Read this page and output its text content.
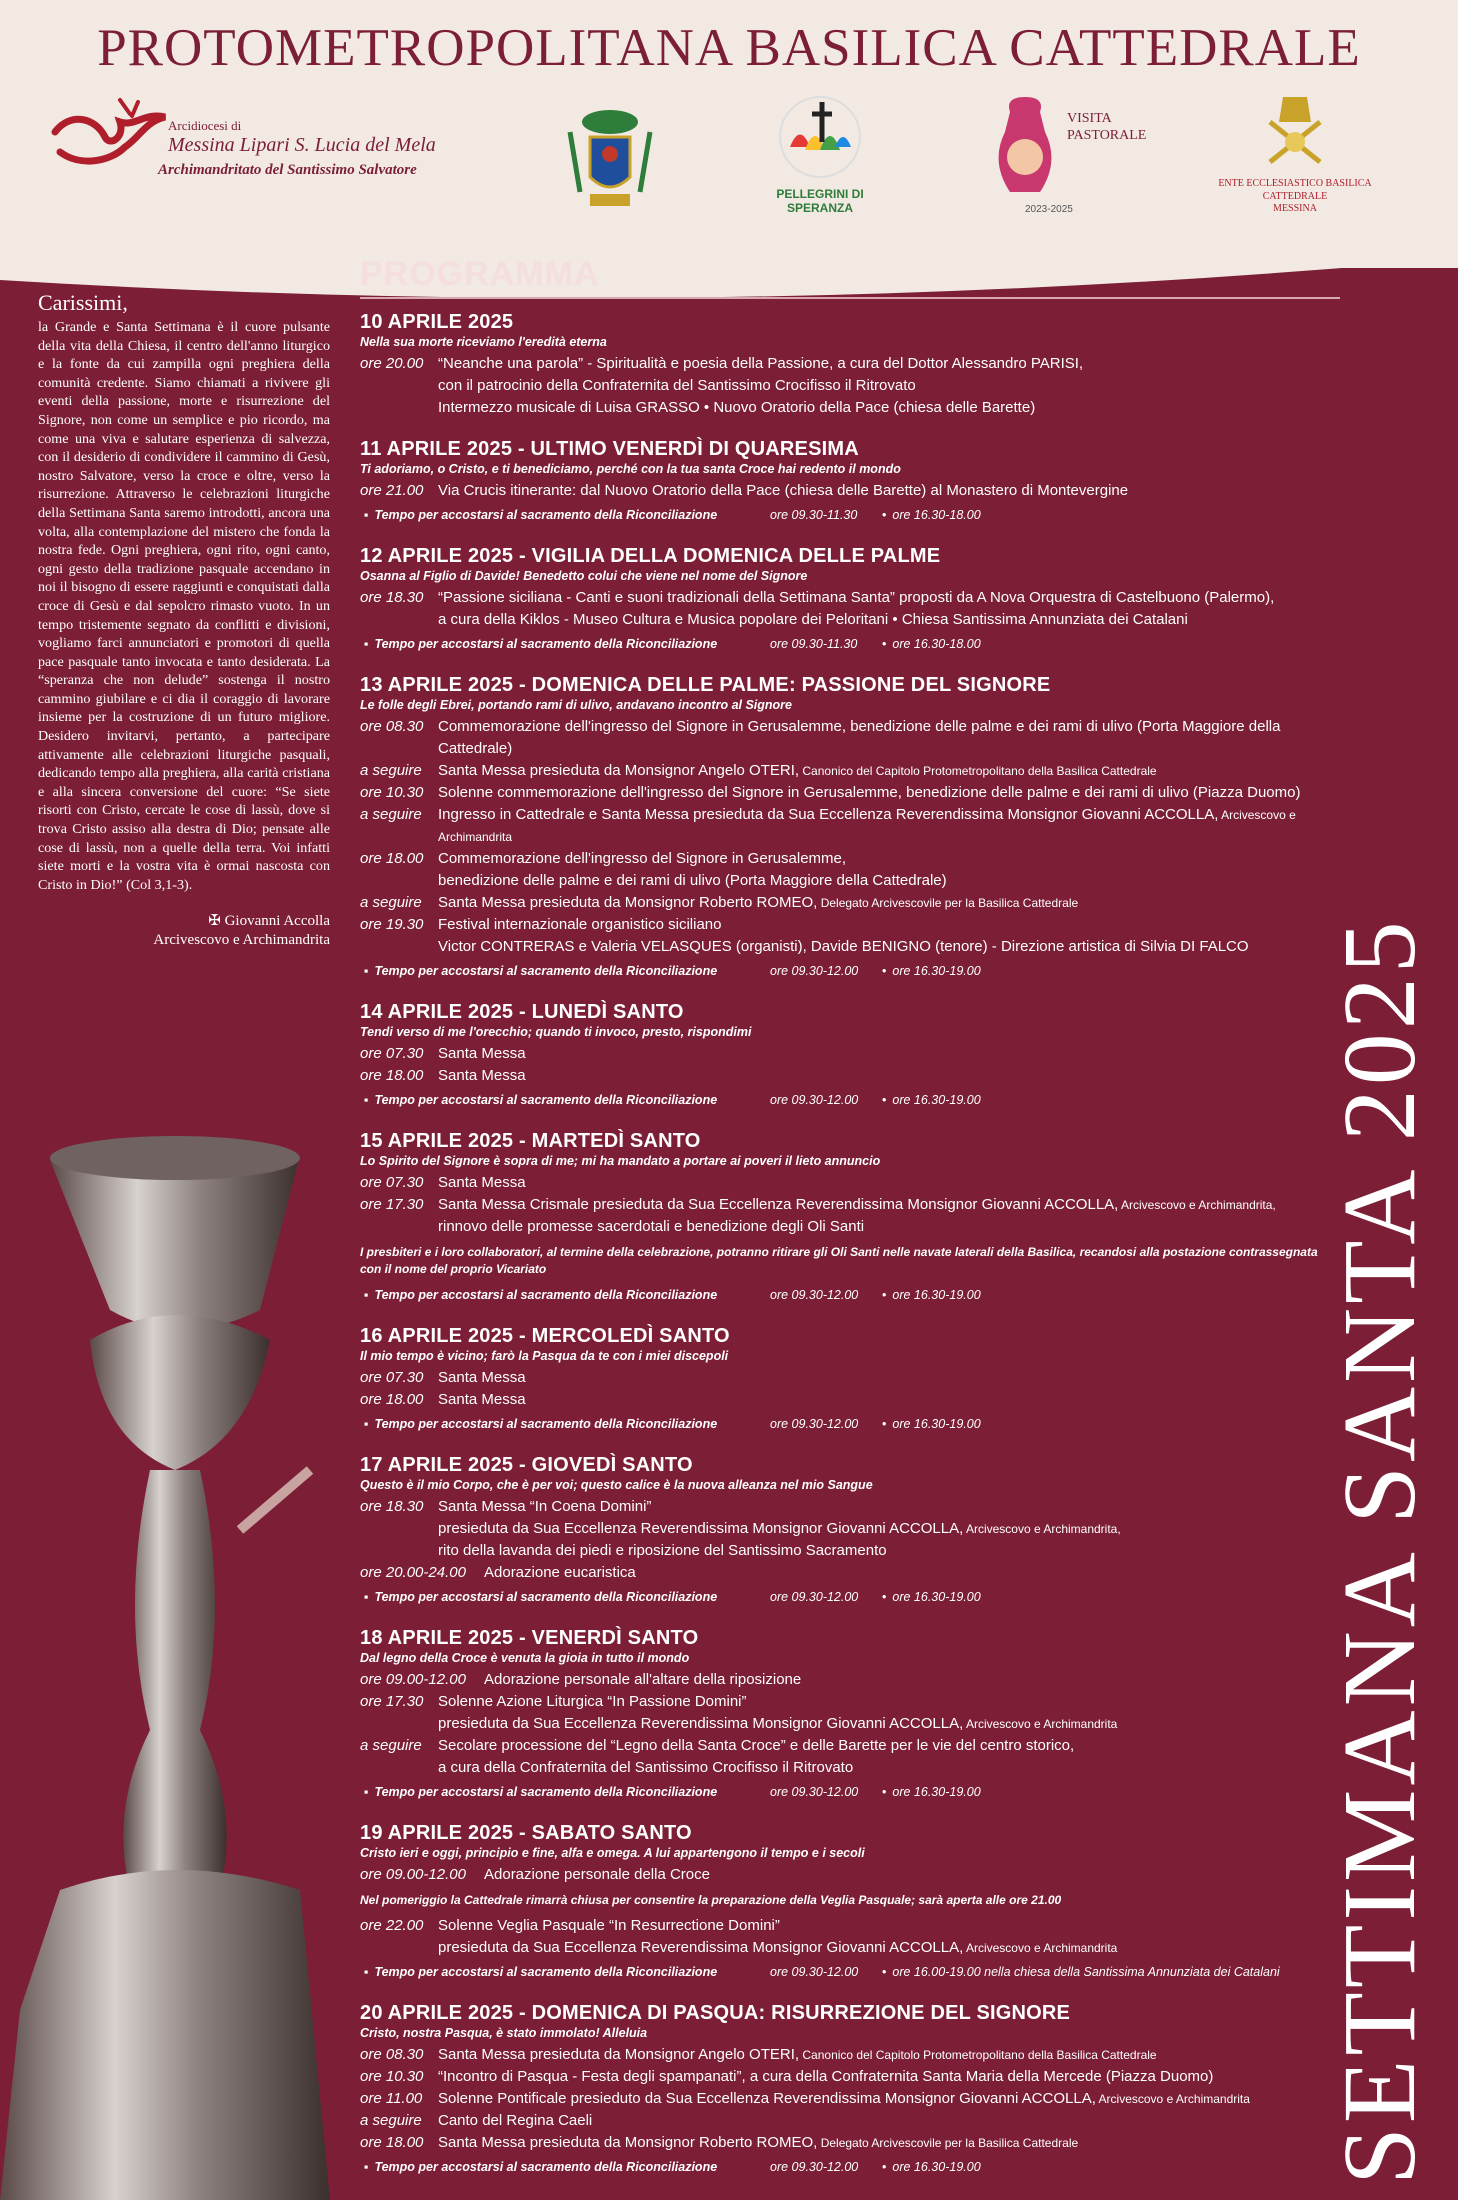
PROTOMETROPOLITANA BASILICA CATTEDRALE
Arcidiocesi di
Messina Lipari S. Lucia del Mela
Archimandritato del Santissimo Salvatore
PELLEGRINI DI SPERANZA
VISITA PASTORALE
2023-2025
ENTE ECCLESIASTICO BASILICA CATTEDRALE
MESSINA
Carissimi,
la Grande e Santa Settimana è il cuore pulsante della vita della Chiesa, il centro dell'anno liturgico e la fonte da cui zampilla ogni preghiera della comunità credente. Siamo chiamati a rivivere gli eventi della passione, morte e risurrezione del Signore, non come un semplice e pio ricordo, ma come una viva e salutare esperienza di salvezza, con il desiderio di condividere il cammino di Gesù, nostro Salvatore, verso la croce e oltre, verso la risurrezione. Attraverso le celebrazioni liturgiche della Settimana Santa saremo introdotti, ancora una volta, alla contemplazione del mistero che fonda la nostra fede. Ogni preghiera, ogni rito, ogni canto, ogni gesto della tradizione pasquale accendano in noi il bisogno di essere raggiunti e conquistati dalla croce di Gesù e dal sepolcro rimasto vuoto. In un tempo tristemente segnato da conflitti e divisioni, vogliamo farci annunciatori e promotori di quella pace pasquale tanto invocata e tanto desiderata. La “speranza che non delude” sostenga il nostro cammino giubilare e ci dia il coraggio di lavorare insieme per la costruzione di un futuro migliore. Desidero invitarvi, pertanto, a partecipare attivamente alle celebrazioni liturgiche pasquali, dedicando tempo alla preghiera, alla carità cristiana e alla sincera conversione del cuore: “Se siete risorti con Cristo, cercate le cose di lassù, dove si trova Cristo assiso alla destra di Dio; pensate alle cose di lassù, non a quelle della terra. Voi infatti siete morti e la vostra vita è ormai nascosta con Cristo in Dio!” (Col 3,1-3).
✠ Giovanni Accolla
Arcivescovo e Archimandrita
PROGRAMMA
10 APRILE 2025
Nella sua morte riceviamo l'eredità eterna
ore 20.00 “Neanche una parola” - Spiritualità e poesia della Passione, a cura del Dottor Alessandro PARISI,
con il patrocinio della Confraternita del Santissimo Crocifisso il Ritrovato
Intermezzo musicale di Luisa GRASSO • Nuovo Oratorio della Pace (chiesa delle Barette)
11 APRILE 2025 - ULTIMO VENERDÌ DI QUARESIMA
Ti adoriamo, o Cristo, e ti benediciamo, perché con la tua santa Croce hai redento il mondo
ore 21.00 Via Crucis itinerante: dal Nuovo Oratorio della Pace (chiesa delle Barette) al Monastero di Montevergine
▪ Tempo per accostarsi al sacramento della Riconciliazione	ore 09.30-11.30	• ore 16.30-18.00
12 APRILE 2025 - VIGILIA DELLA DOMENICA DELLE PALME
Osanna al Figlio di Davide! Benedetto colui che viene nel nome del Signore
ore 18.30 “Passione siciliana - Canti e suoni tradizionali della Settimana Santa” proposti da A Nova Orquestra di Castelbuono (Palermo),
a cura della Kiklos - Museo Cultura e Musica popolare dei Peloritani • Chiesa Santissima Annunziata dei Catalani
▪ Tempo per accostarsi al sacramento della Riconciliazione	ore 09.30-11.30	• ore 16.30-18.00
13 APRILE 2025 - DOMENICA DELLE PALME: PASSIONE DEL SIGNORE
Le folle degli Ebrei, portando rami di ulivo, andavano incontro al Signore
ore 08.30 Commemorazione dell'ingresso del Signore in Gerusalemme, benedizione delle palme e dei rami di ulivo (Porta Maggiore della Cattedrale)
a seguire	Santa Messa presieduta da Monsignor Angelo OTERI, Canonico del Capitolo Protometropolitano della Basilica Cattedrale
ore 10.30 Solenne commemorazione dell'ingresso del Signore in Gerusalemme, benedizione delle palme e dei rami di ulivo (Piazza Duomo)
a seguire	Ingresso in Cattedrale e Santa Messa presieduta da Sua Eccellenza Reverendissima Monsignor Giovanni ACCOLLA, Arcivescovo e Archimandrita
ore 18.00 Commemorazione dell'ingresso del Signore in Gerusalemme,
benedizione delle palme e dei rami di ulivo (Porta Maggiore della Cattedrale)
a seguire	Santa Messa presieduta da Monsignor Roberto ROMEO, Delegato Arcivescovile per la Basilica Cattedrale
ore 19.30 Festival internazionale organistico siciliano
Victor CONTRERAS e Valeria VELASQUES (organisti), Davide BENIGNO (tenore) - Direzione artistica di Silvia DI FALCO
▪ Tempo per accostarsi al sacramento della Riconciliazione	ore 09.30-12.00	• ore 16.30-19.00
14 APRILE 2025 - LUNEDÌ SANTO
Tendi verso di me l'orecchio; quando ti invoco, presto, rispondimi
ore 07.30 Santa Messa
ore 18.00 Santa Messa
▪ Tempo per accostarsi al sacramento della Riconciliazione	ore 09.30-12.00	• ore 16.30-19.00
15 APRILE 2025 - MARTEDÌ SANTO
Lo Spirito del Signore è sopra di me; mi ha mandato a portare ai poveri il lieto annuncio
ore 07.30 Santa Messa
ore 17.30 Santa Messa Crismale presieduta da Sua Eccellenza Reverendissima Monsignor Giovanni ACCOLLA, Arcivescovo e Archimandrita,
rinnovo delle promesse sacerdotali e benedizione degli Oli Santi
I presbiteri e i loro collaboratori, al termine della celebrazione, potranno ritirare gli Oli Santi nelle navate laterali della Basilica, recandosi alla postazione contrassegnata con il nome del proprio Vicariato
▪ Tempo per accostarsi al sacramento della Riconciliazione	ore 09.30-12.00	• ore 16.30-19.00
16 APRILE 2025 - MERCOLEDÌ SANTO
Il mio tempo è vicino; farò la Pasqua da te con i miei discepoli
ore 07.30 Santa Messa
ore 18.00 Santa Messa
▪ Tempo per accostarsi al sacramento della Riconciliazione	ore 09.30-12.00	• ore 16.30-19.00
17 APRILE 2025 - GIOVEDÌ SANTO
Questo è il mio Corpo, che è per voi; questo calice è la nuova alleanza nel mio Sangue
ore 18.30 Santa Messa “In Coena Domini”
presieduta da Sua Eccellenza Reverendissima Monsignor Giovanni ACCOLLA, Arcivescovo e Archimandrita,
rito della lavanda dei piedi e riposizione del Santissimo Sacramento
ore 20.00-24.00	Adorazione eucaristica
▪ Tempo per accostarsi al sacramento della Riconciliazione	ore 09.30-12.00	• ore 16.30-19.00
18 APRILE 2025 - VENERDÌ SANTO
Dal legno della Croce è venuta la gioia in tutto il mondo
ore 09.00-12.00	Adorazione personale all'altare della riposizione
ore 17.30 Solenne Azione Liturgica “In Passione Domini”
presieduta da Sua Eccellenza Reverendissima Monsignor Giovanni ACCOLLA, Arcivescovo e Archimandrita
a seguire	Secolare processione del “Legno della Santa Croce” e delle Barette per le vie del centro storico,
a cura della Confraternita del Santissimo Crocifisso il Ritrovato
▪ Tempo per accostarsi al sacramento della Riconciliazione	ore 09.30-12.00	• ore 16.30-19.00
19 APRILE 2025 - SABATO SANTO
Cristo ieri e oggi, principio e fine, alfa e omega. A lui appartengono il tempo e i secoli
ore 09.00-12.00	Adorazione personale della Croce
Nel pomeriggio la Cattedrale rimarrà chiusa per consentire la preparazione della Veglia Pasquale; sarà aperta alle ore 21.00
ore 22.00 Solenne Veglia Pasquale “In Resurrectione Domini”
presieduta da Sua Eccellenza Reverendissima Monsignor Giovanni ACCOLLA, Arcivescovo e Archimandrita
▪ Tempo per accostarsi al sacramento della Riconciliazione	ore 09.30-12.00	• ore 16.00-19.00 nella chiesa della Santissima Annunziata dei Catalani
20 APRILE 2025 - DOMENICA DI PASQUA: RISURREZIONE DEL SIGNORE
Cristo, nostra Pasqua, è stato immolato! Alleluia
ore 08.30 Santa Messa presieduta da Monsignor Angelo OTERI, Canonico del Capitolo Protometropolitano della Basilica Cattedrale
ore 10.30 “Incontro di Pasqua - Festa degli spampanati”, a cura della Confraternita Santa Maria della Mercede (Piazza Duomo)
ore 11.00	Solenne Pontificale presieduto da Sua Eccellenza Reverendissima Monsignor Giovanni ACCOLLA, Arcivescovo e Archimandrita
a seguire	Canto del Regina Caeli
ore 18.00 Santa Messa presieduta da Monsignor Roberto ROMEO, Delegato Arcivescovile per la Basilica Cattedrale
▪ Tempo per accostarsi al sacramento della Riconciliazione	ore 09.30-12.00	• ore 16.30-19.00	SETTIMANA SANTA 2025
